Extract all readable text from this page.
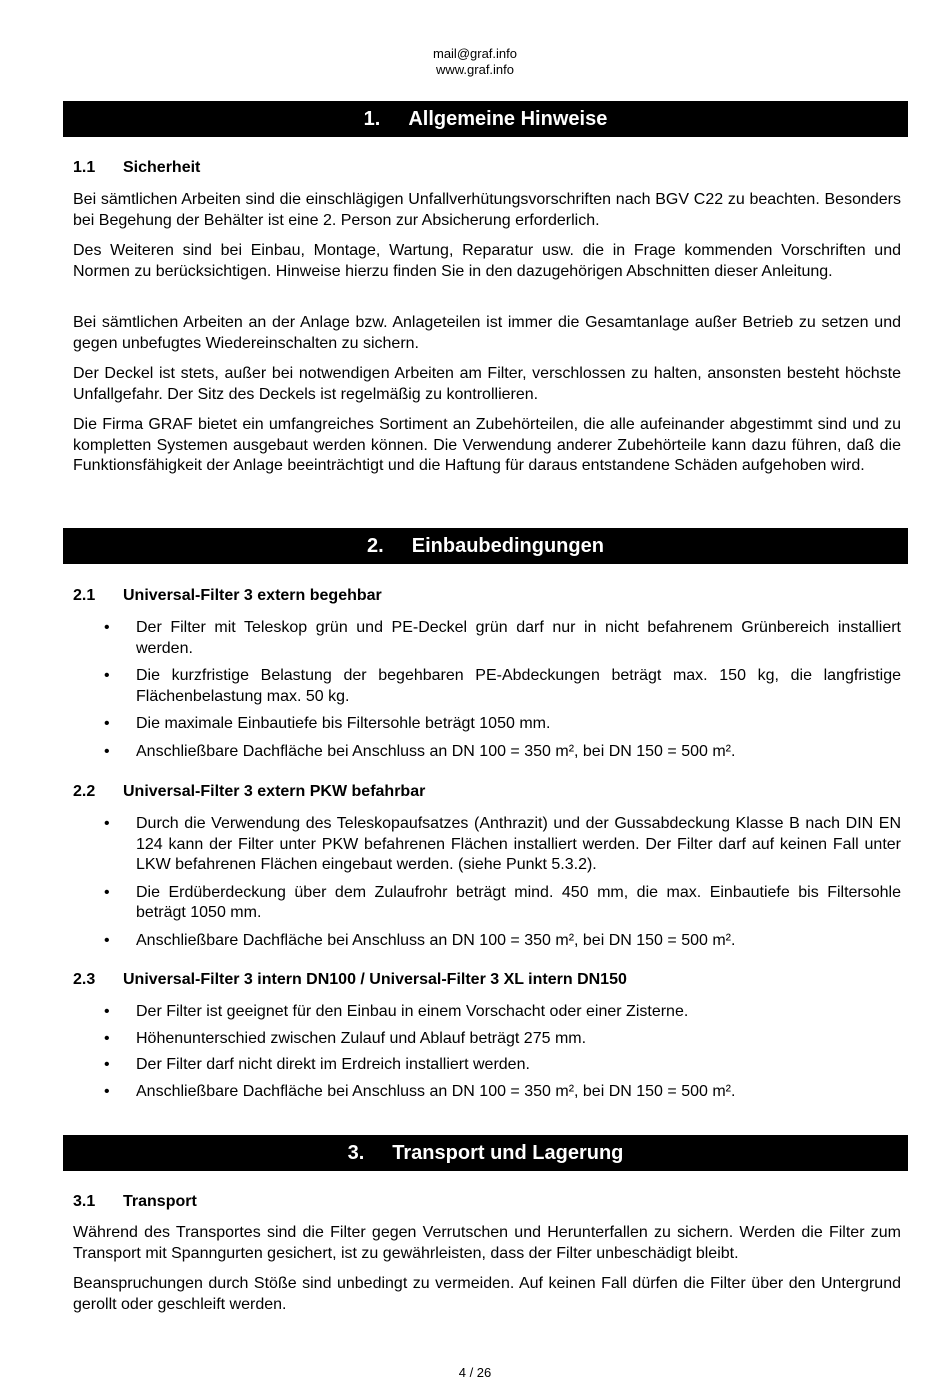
mail@graf.info
www.graf.info
1. Allgemeine Hinweise
1.1 Sicherheit

Bei sämtlichen Arbeiten sind die einschlägigen Unfallverhütungsvorschriften nach BGV C22 zu beachten. Besonders bei Begehung der Behälter ist eine 2. Person zur Absicherung erforderlich.

Des Weiteren sind bei Einbau, Montage, Wartung, Reparatur usw. die in Frage kommenden Vorschriften und Normen zu berücksichtigen. Hinweise hierzu finden Sie in den dazugehörigen Abschnitten dieser Anleitung.

Bei sämtlichen Arbeiten an der Anlage bzw. Anlageteilen ist immer die Gesamtanlage außer Betrieb zu setzen und gegen unbefugtes Wiedereinschalten zu sichern.

Der Deckel ist stets, außer bei notwendigen Arbeiten am Filter, verschlossen zu halten, ansonsten besteht höchste Unfallgefahr. Der Sitz des Deckels ist regelmäßig zu kontrollieren.

Die Firma GRAF bietet ein umfangreiches Sortiment an Zubehörteilen, die alle aufeinander abgestimmt sind und zu kompletten Systemen ausgebaut werden können. Die Verwendung anderer Zubehörteile kann dazu führen, daß die Funktionsfähigkeit der Anlage beeinträchtigt und die Haftung für daraus entstandene Schäden aufgehoben wird.

2. Einbaubedingungen
2.1 Universal-Filter 3 extern begehbar
• Der Filter mit Teleskop grün und PE-Deckel grün darf nur in nicht befahrenem Grünbereich installiert werden.
• Die kurzfristige Belastung der begehbaren PE-Abdeckungen beträgt max. 150 kg, die langfristige Flächenbelastung max. 50 kg.
• Die maximale Einbautiefe bis Filtersohle beträgt 1050 mm.
• Anschließbare Dachfläche bei Anschluss an DN 100 = 350 m², bei DN 150 = 500 m².
2.2 Universal-Filter 3 extern PKW befahrbar
• Durch die Verwendung des Teleskopaufsatzes (Anthrazit) und der Gussabdeckung Klasse B nach DIN EN 124 kann der Filter unter PKW befahrenen Flächen installiert werden. Der Filter darf auf keinen Fall unter LKW befahrenen Flächen eingebaut werden. (siehe Punkt 5.3.2).
• Die Erdüberdeckung über dem Zulaufrohr beträgt mind. 450 mm, die max. Einbautiefe bis Filtersohle beträgt 1050 mm.
• Anschließbare Dachfläche bei Anschluss an DN 100 = 350 m², bei DN 150 = 500 m².
2.3 Universal-Filter 3 intern DN100 / Universal-Filter 3 XL intern DN150
• Der Filter ist geeignet für den Einbau in einem Vorschacht oder einer Zisterne.
• Höhenunterschied zwischen Zulauf und Ablauf beträgt 275 mm.
• Der Filter darf nicht direkt im Erdreich installiert werden.
• Anschließbare Dachfläche bei Anschluss an DN 100 = 350 m², bei DN 150 = 500 m².
3. Transport und Lagerung
3.1 Transport

Während des Transportes sind die Filter gegen Verrutschen und Herunterfallen zu sichern. Werden die Filter zum Transport mit Spanngurten gesichert, ist zu gewährleisten, dass der Filter unbeschädigt bleibt.

Beanspruchungen durch Stöße sind unbedingt zu vermeiden. Auf keinen Fall dürfen die Filter über den Untergrund gerollt oder geschleift werden.

4 / 26
